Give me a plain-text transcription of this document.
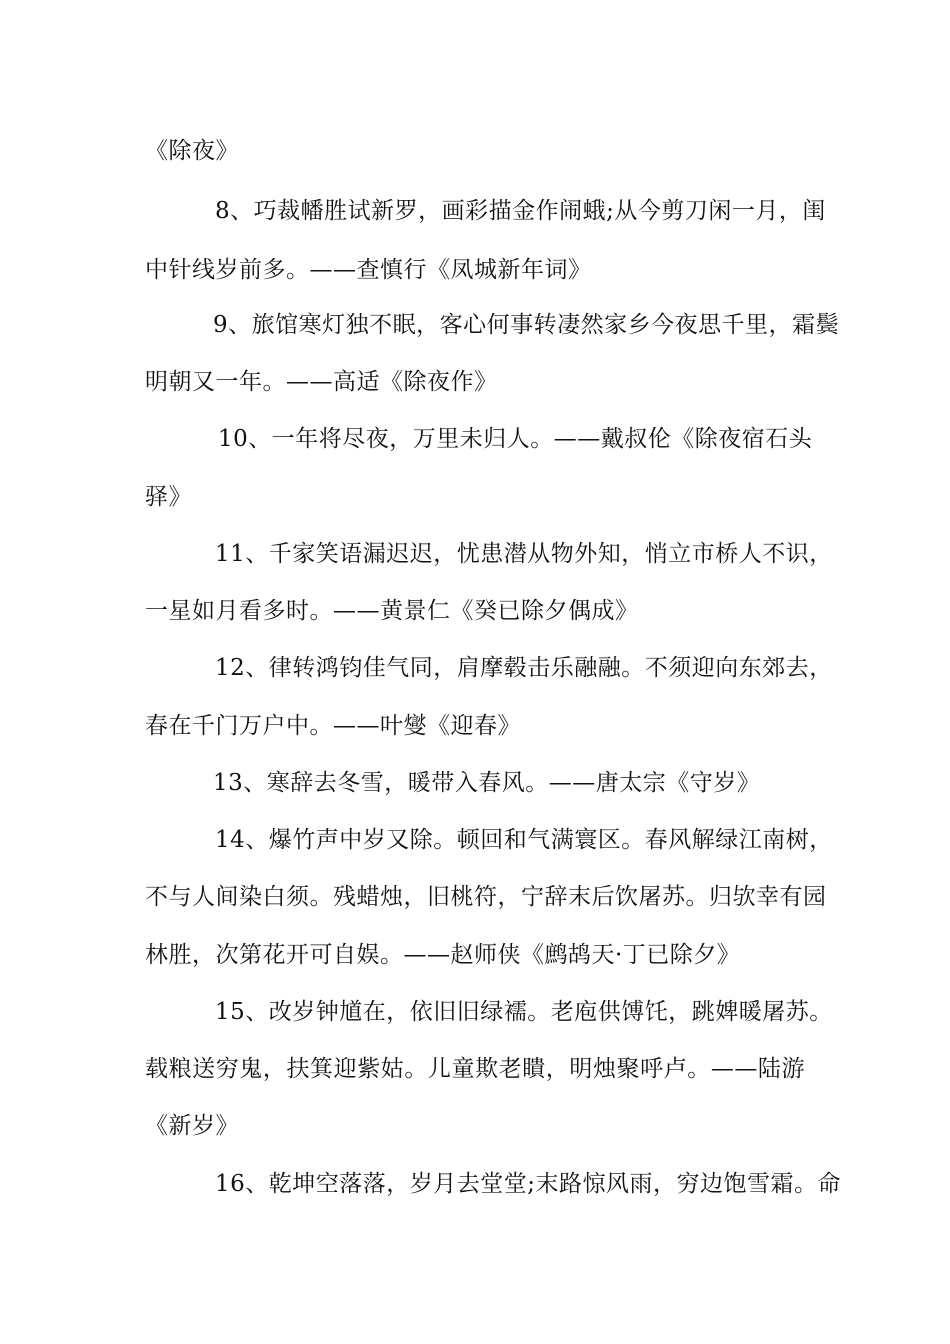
《除夜》
8、巧裁幡胜试新罗，画彩描金作闹蛾;从今剪刀闲一月，闺
中针线岁前多。——查慎行《凤城新年词》
9、旅馆寒灯独不眠，客心何事转凄然家乡今夜思千里，霜鬓
明朝又一年。——高适《除夜作》
10、一年将尽夜，万里未归人。——戴叔伦《除夜宿石头
驿》
11、千家笑语漏迟迟，忧患潜从物外知，悄立市桥人不识，
一星如月看多时。——黄景仁《癸已除夕偶成》
12、律转鸿钧佳气同，肩摩毂击乐融融。不须迎向东郊去，
春在千门万户中。——叶燮《迎春》
13、寒辞去冬雪，暖带入春风。——唐太宗《守岁》
14、爆竹声中岁又除。顿回和气满寰区。春风解绿江南树，
不与人间染白须。残蜡烛，旧桃符，宁辞末后饮屠苏。归欤幸有园
林胜，次第花开可自娱。——赵师侠《鹧鸪天·丁已除夕》
15、改岁钟馗在，依旧旧绿襦。老庖供馎饦，跳婢暖屠苏。
载粮送穷鬼，扶箕迎紫姑。儿童欺老瞶，明烛聚呼卢。——陆游
《新岁》
16、乾坤空落落，岁月去堂堂;末路惊风雨，穷边饱雪霜。命
